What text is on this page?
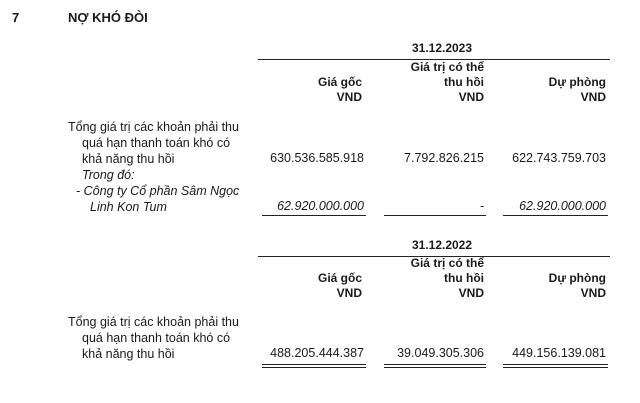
7	NỢ KHÓ ĐÒI
31.12.2023
Giá gốc
VND
Giá trị có thể
thu hồi
VND
Dự phòng
VND
Tổng giá trị các khoản phải thu
quá hạn thanh toán khó có
khả năng thu hồi	630.536.585.918	7.792.826.215	622.743.759.703
Trong đó:
- Công ty Cổ phần Sâm Ngọc
Linh Kon Tum	62.920.000.000	-	62.920.000.000
31.12.2022
Giá gốc
VND
Giá trị có thể
thu hồi
VND
Dự phòng
VND
Tổng giá trị các khoản phải thu
quá hạn thanh toán khó có
khả năng thu hồi	488.205.444.387	39.049.305.306	449.156.139.081
